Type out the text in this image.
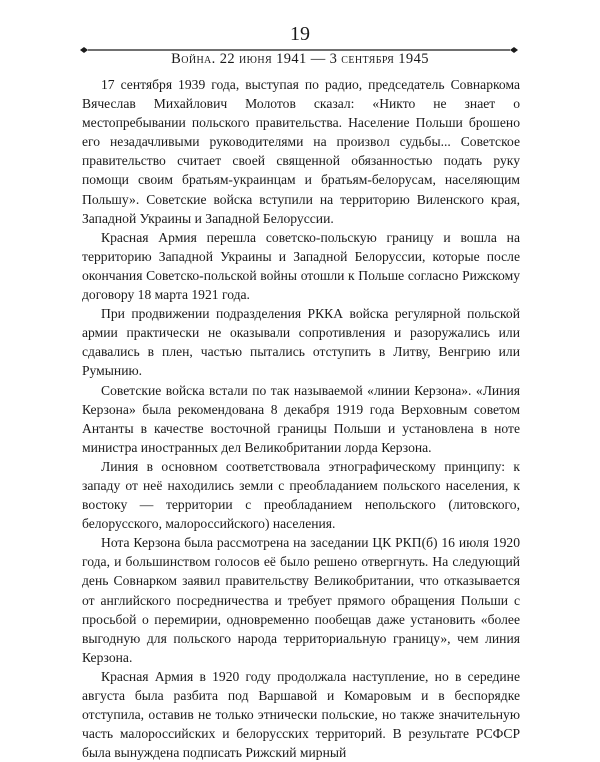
19
Война. 22 июня 1941 — 3 сентября 1945

17 сентября 1939 года, выступая по радио, председатель Совнаркома Вячеслав Михайлович Молотов сказал: «Никто не знает о местопребывании польского правительства. Население Польши брошено его незадачливыми руководителями на произвол судьбы... Советское правительство считает своей священной обязанностью подать руку помощи своим братьям-украинцам и братьям-белорусам, населяющим Польшу». Советские войска вступили на территорию Виленского края, Западной Украины и Западной Белоруссии.

Красная Армия перешла советско-польскую границу и вошла на территорию Западной Украины и Западной Белоруссии, которые после окончания Советско-польской войны отошли к Польше согласно Рижскому договору 18 марта 1921 года.

При продвижении подразделения РККА войска регулярной польской армии практически не оказывали сопротивления и разоружались или сдавались в плен, частью пытались отступить в Литву, Венгрию или Румынию.

Советские войска встали по так называемой «линии Керзона». «Линия Керзона» была рекомендована 8 декабря 1919 года Верховным советом Антанты в качестве восточной границы Польши и установлена в ноте министра иностранных дел Великобритании лорда Керзона.

Линия в основном соответствовала этнографическому принципу: к западу от неё находились земли с преобладанием польского населения, к востоку — территории с преобладанием непольского (литовского, белорусского, малороссийского) населения.

Нота Керзона была рассмотрена на заседании ЦК РКП(б) 16 июля 1920 года, и большинством голосов её было решено отвергнуть. На следующий день Совнарком заявил правительству Великобритании, что отказывается от английского посредничества и требует прямого обращения Польши с просьбой о перемирии, одновременно пообещав даже установить «более выгодную для польского народа территориальную границу», чем линия Керзона.

Красная Армия в 1920 году продолжала наступление, но в середине августа была разбита под Варшавой и Комаровым и в беспорядке отступила, оставив не только этнически польские, но также значительную часть малороссийских и белорусских территорий. В результате РСФСР была вынуждена подписать Рижский мирный
